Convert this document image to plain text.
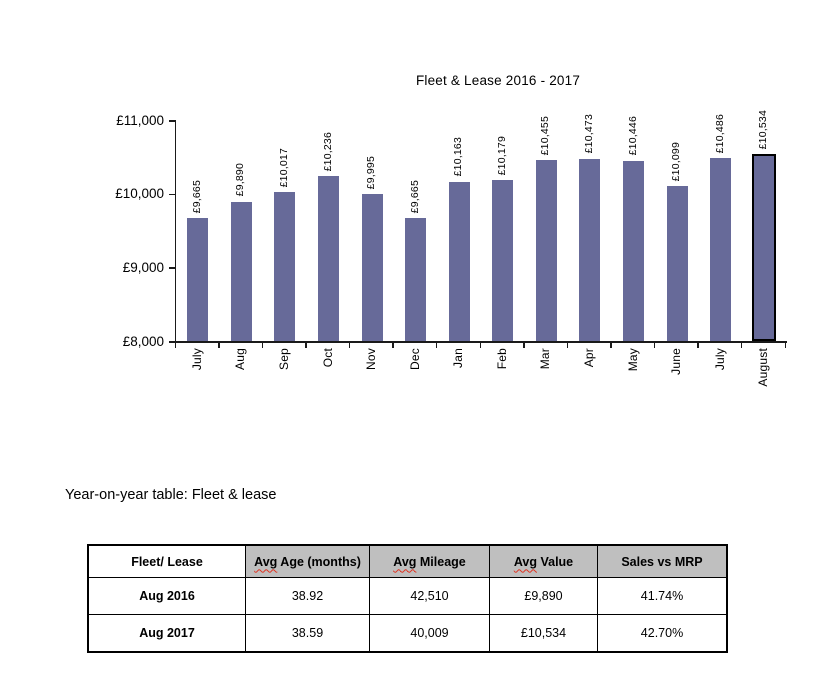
Fleet & Lease 2016 - 2017
£8,000
£9,000
£10,000
£11,000
£9,665
July
£9,890
Aug
£10,017
Sep
£10,236
Oct
£9,995
Nov
£9,665
Dec
£10,163
Jan
£10,179
Feb
£10,455
Mar
£10,473
Apr
£10,446
May
£10,099
June
£10,486
July
£10,534
August
Year-on-year table: Fleet & lease
Fleet/ Lease	Avg Age (months)	Avg Mileage	Avg Value	Sales vs MRP
Aug 2016	38.92	42,510	£9,890	41.74%
Aug 2017	38.59	40,009	£10,534	42.70%
